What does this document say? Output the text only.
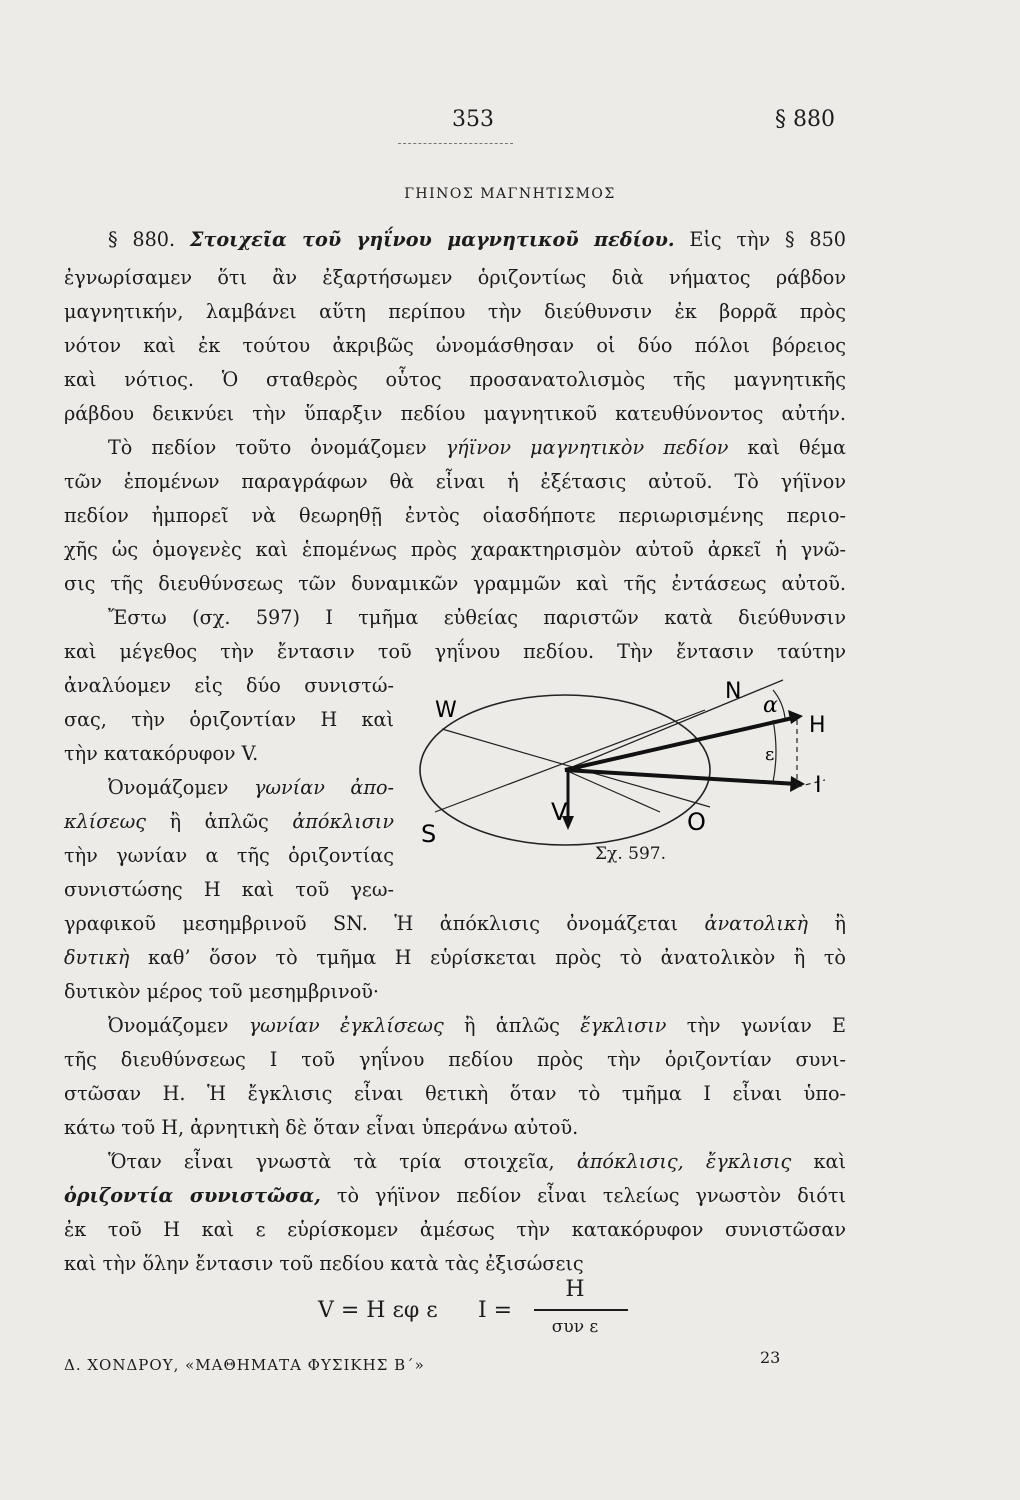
353	§ 880
ΓΗΙΝΟΣ ΜΑΓΝΗΤΙΣΜΟΣ
§ 880. Στοιχεῖα τοῦ γηΐνου μαγνητικοῦ πεδίου. Εἰς τὴν § 850
ἐγνωρίσαμεν ὅτι ἂν ἐξαρτήσωμεν ὁριζοντίως διὰ νήματος ράβδον
μαγνητικήν, λαμβάνει αὕτη περίπου τὴν διεύθυνσιν ἐκ βορρᾶ πρὸς
νότον καὶ ἐκ τούτου ἀκριβῶς ὠνομάσθησαν οἱ δύο πόλοι βόρειος
καὶ νότιος. Ὁ σταθερὸς οὗτος προσανατολισμὸς τῆς μαγνητικῆς
ράβδου δεικνύει τὴν ὕπαρξιν πεδίου μαγνητικοῦ κατευθύνοντος αὐτήν.
Τὸ πεδίον τοῦτο ὀνομάζομεν γήϊνον μαγνητικὸν πεδίον καὶ θέμα
τῶν ἑπομένων παραγράφων θὰ εἶναι ἡ ἐξέτασις αὐτοῦ. Τὸ γήϊνον
πεδίον ἠμπορεῖ νὰ θεωρηθῇ ἐντὸς οἱασδήποτε περιωρισμένης περιο-
χῆς ὡς ὁμογενὲς καὶ ἑπομένως πρὸς χαρακτηρισμὸν αὐτοῦ ἀρκεῖ ἡ γνῶ-
σις τῆς διευθύνσεως τῶν δυναμικῶν γραμμῶν καὶ τῆς ἐντάσεως αὐτοῦ.
Ἔστω (σχ. 597) Ι τμῆμα εὐθείας παριστῶν κατὰ διεύθυνσιν
καὶ μέγεθος τὴν ἔντασιν τοῦ γηΐνου πεδίου. Τὴν ἔντασιν ταύτην
ἀναλύομεν εἰς δύο συνιστώ-
σας, τὴν ὁριζοντίαν Η καὶ
τὴν κατακόρυφον V.
Ὀνομάζομεν γωνίαν ἀπο-
κλίσεως ἢ ἁπλῶς ἀπόκλισιν
τὴν γωνίαν α τῆς ὁριζοντίας
συνιστώσης Η καὶ τοῦ γεω-
γραφικοῦ μεσημβρινοῦ SN. Ἡ ἀπόκλισις ὀνομάζεται ἀνατολικὴ ἢ
δυτικὴ καθ’ ὅσον τὸ τμῆμα Η εὑρίσκεται πρὸς τὸ ἀνατολικὸν ἢ τὸ
δυτικὸν μέρος τοῦ μεσημβρινοῦ·
Ὀνομάζομεν γωνίαν ἐγκλίσεως ἢ ἁπλῶς ἔγκλισιν τὴν γωνίαν Ε
τῆς διευθύνσεως Ι τοῦ γηΐνου πεδίου πρὸς τὴν ὁριζοντίαν συνι-
στῶσαν Η. Ἡ ἔγκλισις εἶναι θετικὴ ὅταν τὸ τμῆμα Ι εἶναι ὑπο-
κάτω τοῦ Η, ἀρνητικὴ δὲ ὅταν εἶναι ὑπεράνω αὐτοῦ.
Ὅταν εἶναι γνωστὰ τὰ τρία στοιχεῖα, ἀπόκλισις, ἔγκλισις καὶ
ὁριζοντία συνιστῶσα, τὸ γήϊνον πεδίον εἶναι τελείως γνωστὸν διότι
ἐκ τοῦ Η καὶ ε εὑρίσκομεν ἀμέσως τὴν κατακόρυφον συνιστῶσαν
καὶ τὴν ὅλην ἔντασιν τοῦ πεδίου κατὰ τὰς ἐξισώσεις
V = Η εφ ε Ι =
Η
συν ε
W
N
H
α
ε
I
S
V	O
Σχ. 597.
Δ. ΧΟΝΔΡΟΥ, «ΜΑΘΗΜΑΤΑ ΦΥΣΙΚΗΣ Β΄»	23
